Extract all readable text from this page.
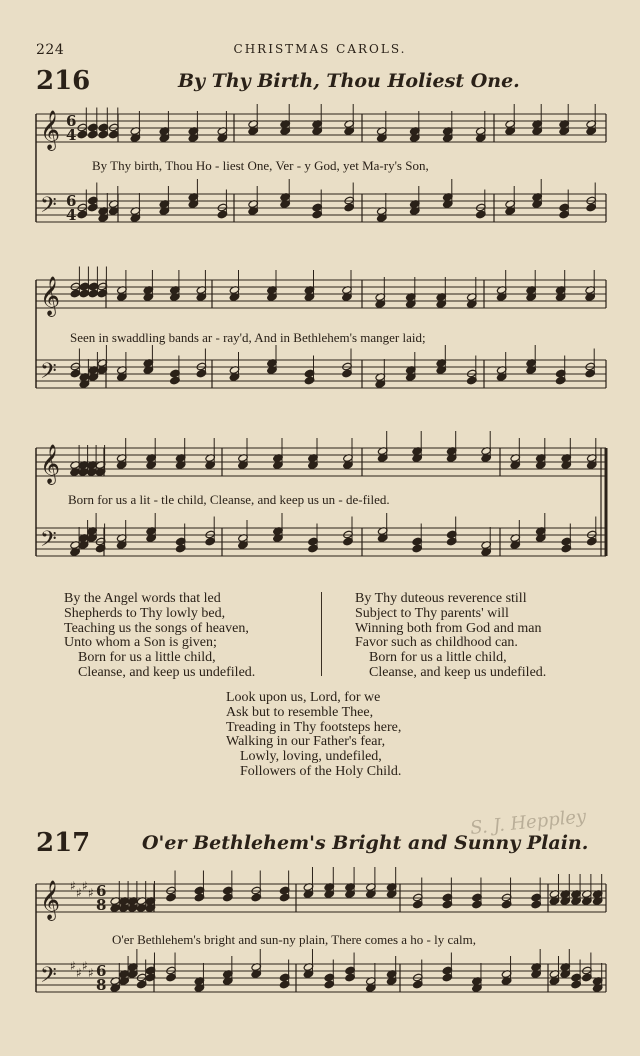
224	CHRISTMAS CAROLS.
216	By Thy Birth, Thou Holiest One.
𝄞
𝄢
6
4
6
4
By Thy birth, Thou Ho - liest One, Ver - y God, yet Ma-ry's Son,
𝄞
𝄢
Seen in swaddling bands ar - ray'd, And in Bethlehem's manger laid;
𝄞
𝄢
Born for us a lit - tle child, Cleanse, and keep us un - de-filed.
By the Angel words that led
Shepherds to Thy lowly bed,
Teaching us the songs of heaven,
Unto whom a Son is given;
Born for us a little child,
Cleanse, and keep us undefiled.
By Thy duteous reverence still
Subject to Thy parents' will
Winning both from God and man
Favor such as childhood can.
Born for us a little child,
Cleanse, and keep us undefiled.
Look upon us, Lord, for we
Ask but to resemble Thee,
Treading in Thy footsteps here,
Walking in our Father's fear,
Lowly, loving, undefiled,
Followers of the Holy Child.
S. J. Heppley
217	O'er Bethlehem's Bright and Sunny Plain.
𝄞
𝄢
6
8
6
8
♯
♯
♯
♯
♯
♯
♯
♯
O'er Bethlehem's bright and sun-ny plain, There comes a ho - ly calm,
